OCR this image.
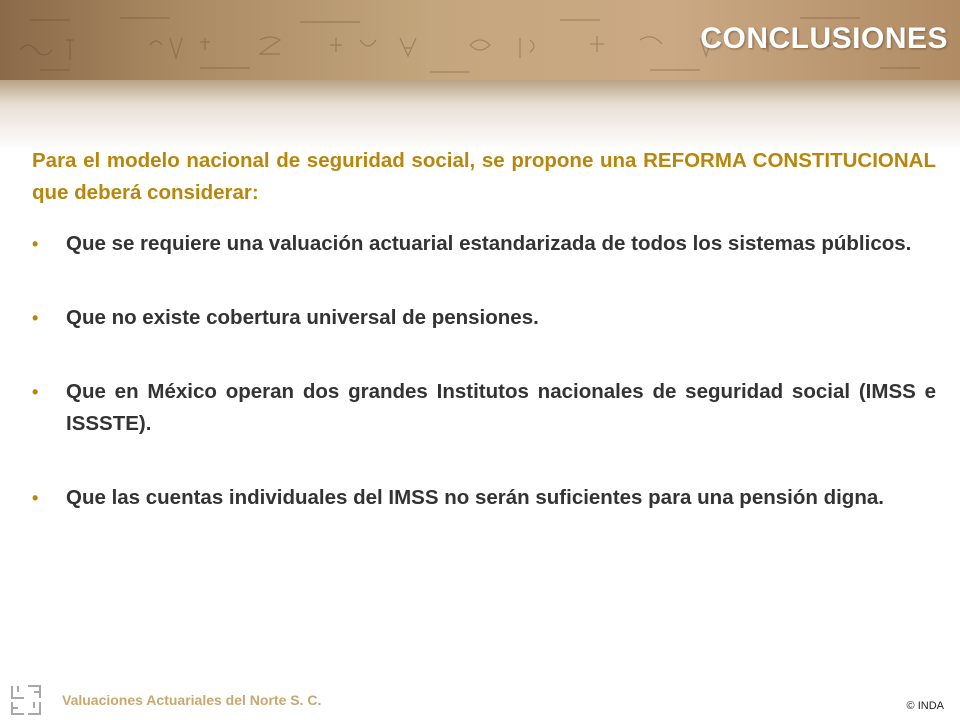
CONCLUSIONES
Para el modelo nacional de seguridad social, se propone una REFORMA CONSTITUCIONAL que deberá considerar:
• Que se requiere una valuación actuarial estandarizada de todos los sistemas públicos.
• Que no existe cobertura universal de pensiones.
• Que en México operan dos grandes Institutos nacionales de seguridad social (IMSS e ISSSTE).
• Que las cuentas individuales del IMSS no serán suficientes para una pensión digna.
Valuaciones Actuariales del Norte S. C.	© INDA
